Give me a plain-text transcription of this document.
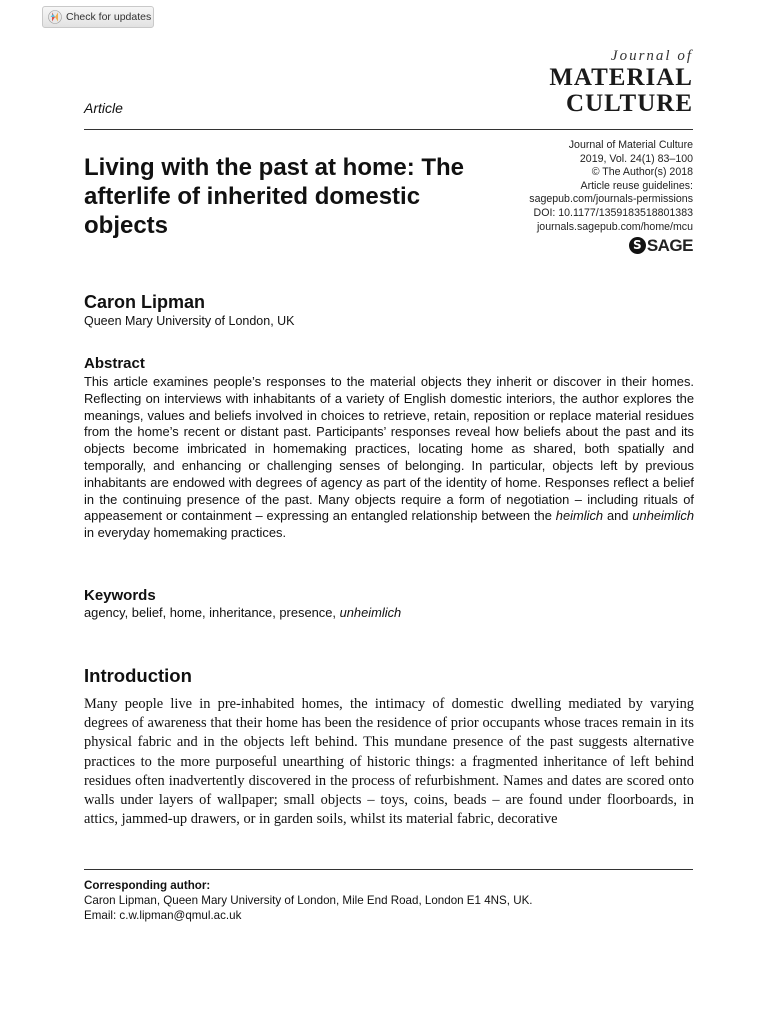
Check for updates
Journal of
MATERIAL
CULTURE
Article
Journal of Material Culture
2019, Vol. 24(1) 83–100
© The Author(s) 2018
Article reuse guidelines:
sagepub.com/journals-permissions
DOI: 10.1177/1359183518801383
journals.sagepub.com/home/mcu
S SAGE
Living with the past at home: The afterlife of inherited domestic objects
Caron Lipman
Queen Mary University of London, UK
Abstract

This article examines people’s responses to the material objects they inherit or discover in their homes. Reflecting on interviews with inhabitants of a variety of English domestic interiors, the author explores the meanings, values and beliefs involved in choices to retrieve, retain, reposition or replace material residues from the home’s recent or distant past. Participants’ responses reveal how beliefs about the past and its objects become imbricated in homemaking practices, locating home as shared, both spatially and temporally, and enhancing or challenging senses of belonging. In particular, objects left by previous inhabitants are endowed with degrees of agency as part of the identity of home. Responses reflect a belief in the continuing presence of the past. Many objects require a form of negotiation – including rituals of appeasement or containment – expressing an entangled relationship between the heimlich and unheimlich in everyday homemaking practices.

Keywords
agency, belief, home, inheritance, presence, unheimlich
Introduction

Many people live in pre-inhabited homes, the intimacy of domestic dwelling mediated by varying degrees of awareness that their home has been the residence of prior occupants whose traces remain in its physical fabric and in the objects left behind. This mundane presence of the past suggests alternative practices to the more purposeful unearthing of historic things: a fragmented inheritance of left behind residues often inadvertently discovered in the process of refurbishment. Names and dates are scored onto walls under layers of wallpaper; small objects – toys, coins, beads – are found under floorboards, in attics, jammed-up drawers, or in garden soils, whilst its material fabric, decorative

Corresponding author:
Caron Lipman, Queen Mary University of London, Mile End Road, London E1 4NS, UK.
Email: c.w.lipman@qmul.ac.uk
